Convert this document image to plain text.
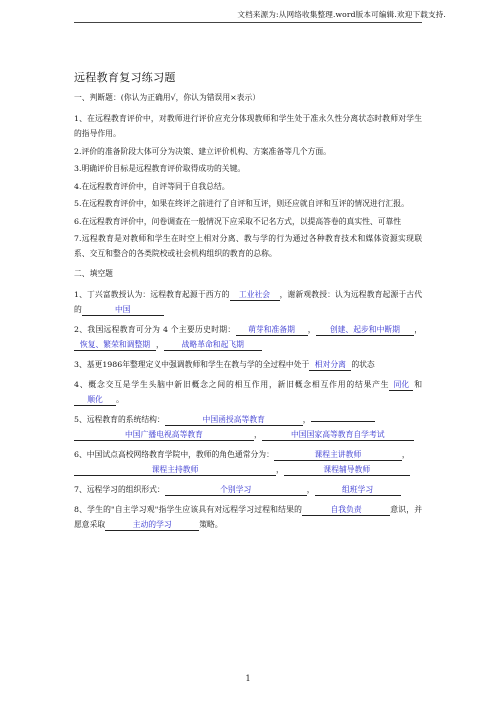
文档来源为:从网络收集整理.word版本可编辑.欢迎下载支持.
远程教育复习练习题
一、判断题：(你认为正确用√，你认为错误用×表示）

1、在远程教育评价中，对教师进行评价应充分体现教师和学生处于准永久性分离状态时教师对学生的指导作用。

2.评价的准备阶段大体可分为决策、建立评价机构、方案准备等几个方面。

3.明确评价目标是远程教育评价取得成功的关键。

4.在远程教育评价中，自评等同于自我总结。

5.在远程教育评价中，如果在终评之前进行了自评和互评，则还应就自评和互评的情况进行汇报。

6.在远程教育评价中，问卷调查在一般情况下应采取不记名方式，以提高答卷的真实性、可靠性

7.远程教育是对教师和学生在时空上相对分离、教与学的行为通过各种教育技术和媒体资源实现联系、交互和整合的各类院校或社会机构组织的教育的总称。

二、填空题

1、丁兴富教授认为：远程教育起源于西方的 工业社会 ，谢新观教授：认为远程教育起源于古代的	中国

2、我国远程教育可分为 4 个主要历史时期： 萌芽和准备期 ， 创建、起步和中断期 ，恢复、繁荣和调整期 ， 战略革命和起飞期

3、基更1986年整理定义中强调教师和学生在教与学的全过程中处于 相对分离 的状态

4、概念交互是学生头脑中新旧概念之间的相互作用，新旧概念相互作用的结果产生 同化 和顺化 。

5、远程教育的系统结构：	中国函授高等教育	，
中国广播电视高等教育	，	中国国家高等教育自学考试

6、中国试点高校网络教育学院中，教师的角色通常分为：	课程主讲教师	，
课程主持教师	，	课程辅导教师

7、远程学习的组织形式：	个别学习	，	组班学习

8、学生的"自主学习观"指学生应该具有对远程学习过程和结果的	自我负责	意识，并愿意采取	主动的学习	策略。

1
